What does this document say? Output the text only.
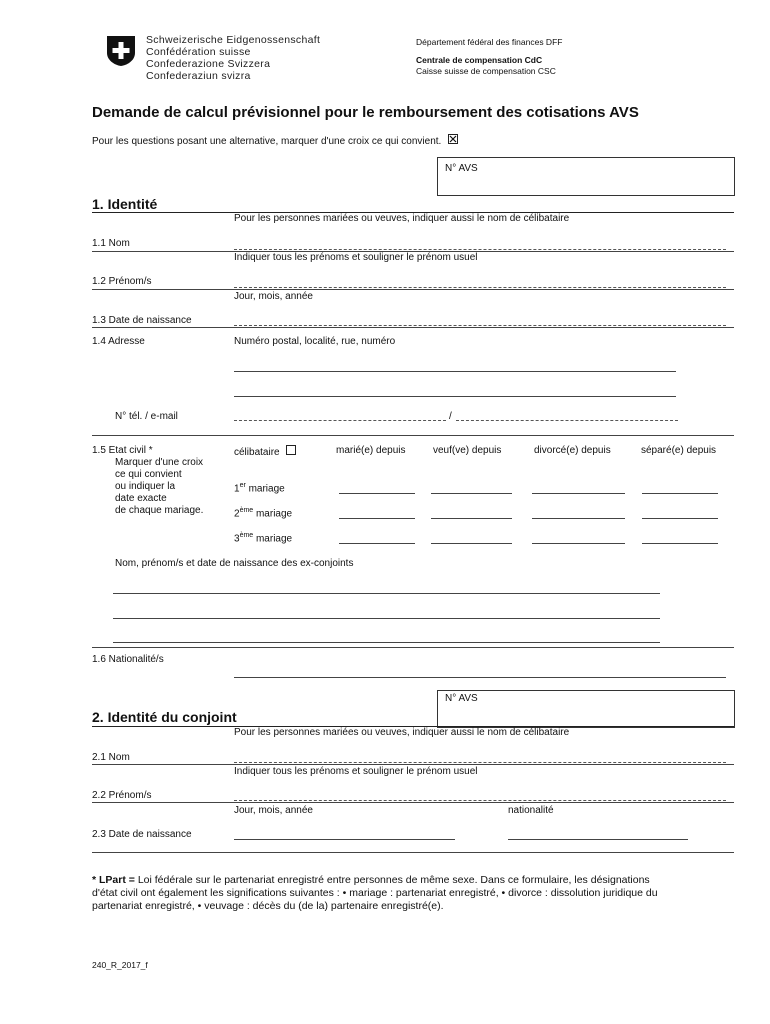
Schweizerische Eidgenossenschaft
Confédération suisse
Confederazione Svizzera
Confederaziun svizra
Département fédéral des finances DFF
Centrale de compensation CdC
Caisse suisse de compensation CSC
Demande de calcul prévisionnel pour le remboursement des cotisations AVS
Pour les questions posant une alternative, marquer d'une croix ce qui convient.
N° AVS
1. Identité
Pour les personnes mariées ou veuves, indiquer aussi le nom de célibataire
1.1 Nom
Indiquer tous les prénoms et souligner le prénom usuel
1.2 Prénom/s
Jour, mois, année
1.3 Date de naissance
1.4 Adresse	Numéro postal, localité, rue, numéro
N° tél. / e-mail	/
1.5 Etat civil *
Marquer d'une croix
ce qui convient
ou indiquer la
date exacte
de chaque mariage.
célibataire	marié(e) depuis	veuf(ve) depuis	divorcé(e) depuis	séparé(e) depuis
1er mariage
2ème mariage
3ème mariage
Nom, prénom/s et date de naissance des ex-conjoints
1.6 Nationalité/s
N° AVS
2. Identité du conjoint
Pour les personnes mariées ou veuves, indiquer aussi le nom de célibataire
2.1 Nom
Indiquer tous les prénoms et souligner le prénom usuel
2.2 Prénom/s
Jour, mois, année	nationalité
2.3 Date de naissance
* LPart = Loi fédérale sur le partenariat enregistré entre personnes de même sexe. Dans ce formulaire, les désignations
d'état civil ont également les significations suivantes : • mariage : partenariat enregistré, • divorce : dissolution juridique du
partenariat enregistré, • veuvage : décès du (de la) partenaire enregistré(e).
240_R_2017_f
